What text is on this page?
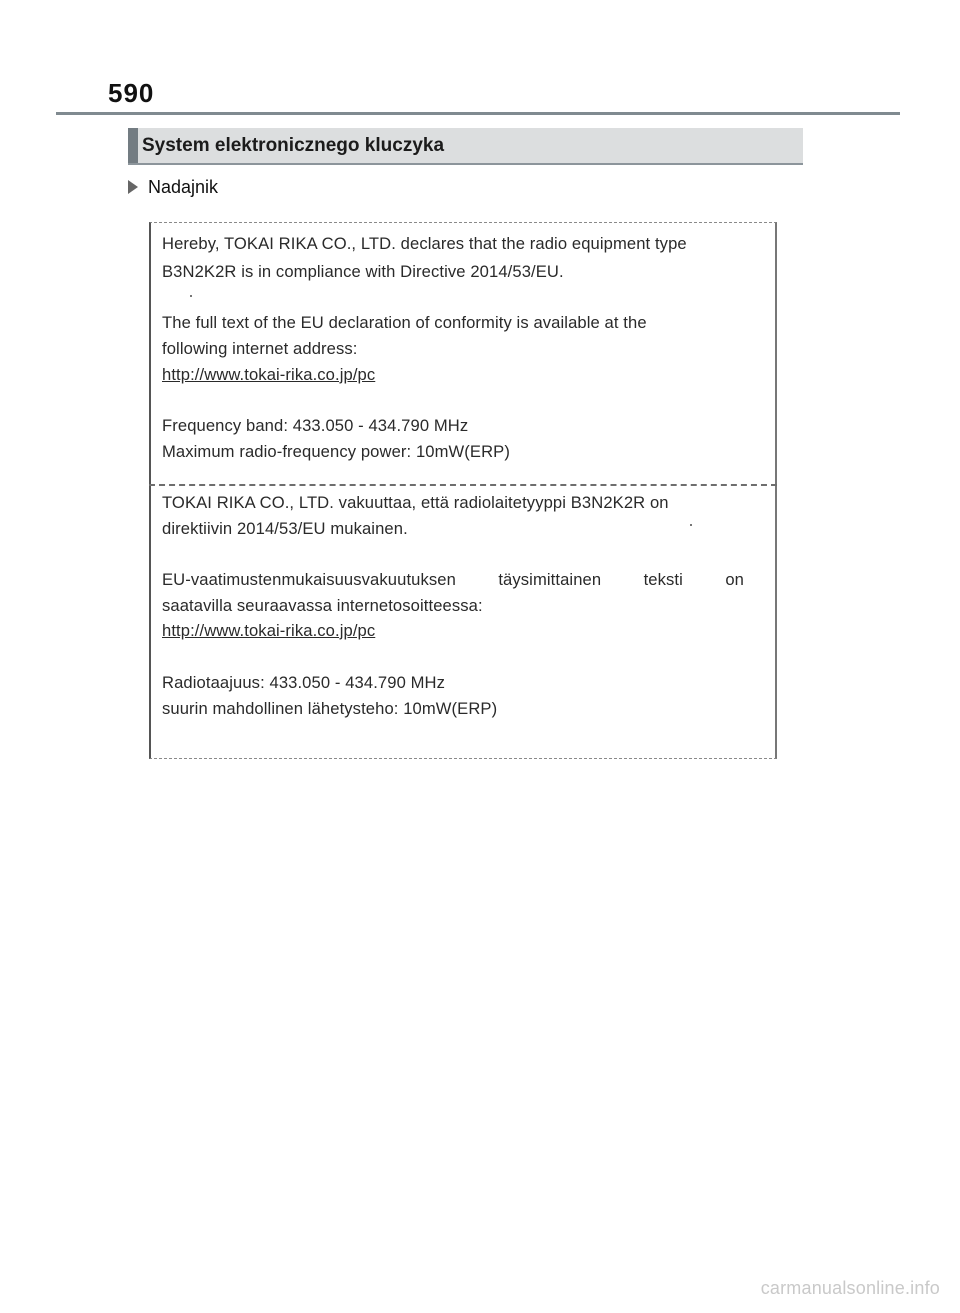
590
System elektronicznego kluczyka
Nadajnik
Hereby, TOKAI RIKA CO., LTD. declares that the radio equipment type
B3N2K2R is in compliance with Directive 2014/53/EU.
The full text of the EU declaration of conformity is available at the
following internet address:
http://www.tokai-rika.co.jp/pc
Frequency band: 433.050 - 434.790 MHz
Maximum radio-frequency power: 10mW(ERP)
TOKAI RIKA CO., LTD. vakuuttaa, että radiolaitetyyppi B3N2K2R on
direktiivin 2014/53/EU mukainen.
EU-vaatimustenmukaisuusvakuutuksen täysimittainen teksti on
saatavilla seuraavassa internetosoitteessa:
http://www.tokai-rika.co.jp/pc
Radiotaajuus: 433.050 - 434.790 MHz
suurin mahdollinen lähetysteho: 10mW(ERP)
carmanualsonline.info
